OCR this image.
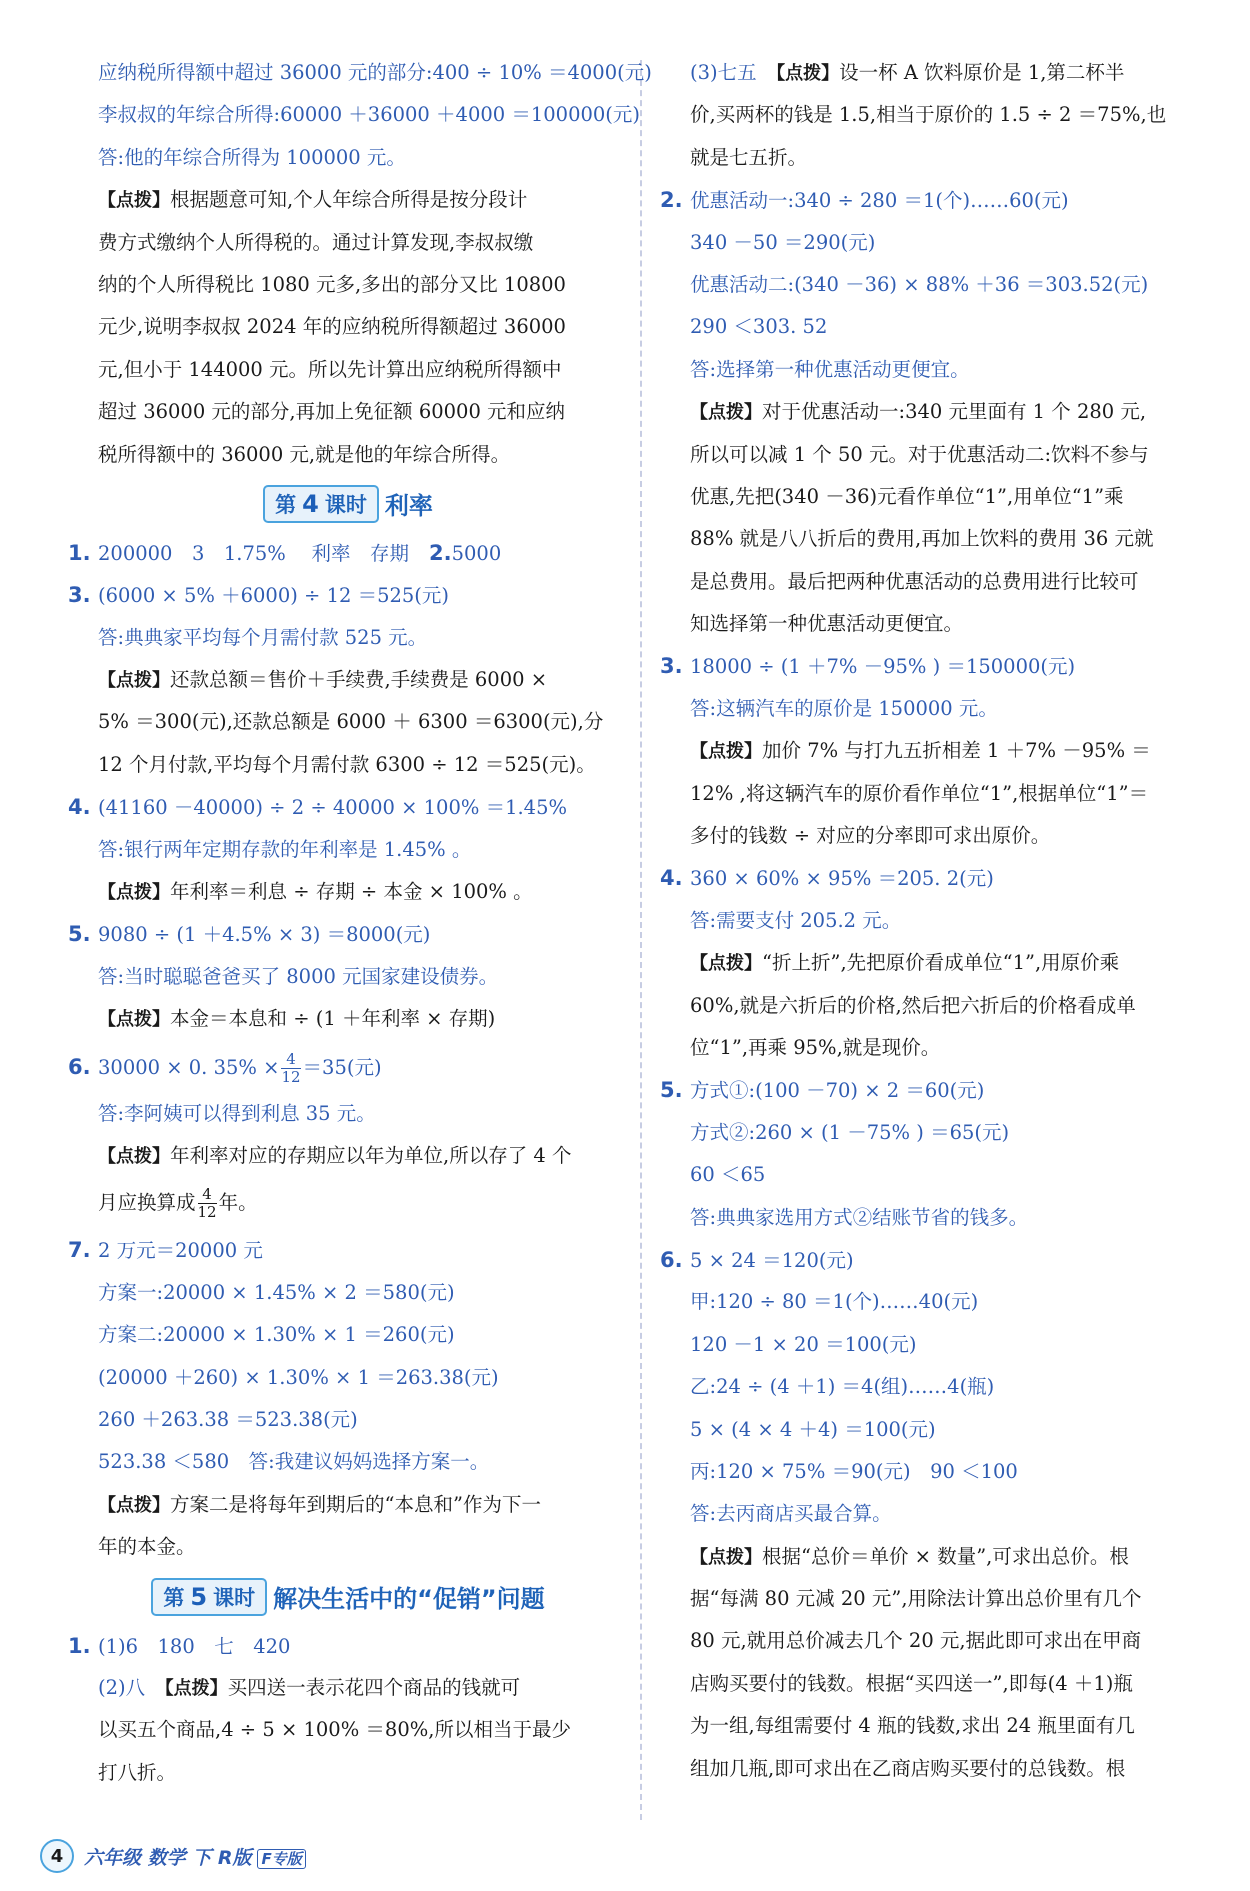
应纳税所得额中超过 36000 元的部分:400 ÷ 10% ＝4000(元)
李叔叔的年综合所得:60000 ＋36000 ＋4000 ＝100000(元)
答:他的年综合所得为 100000 元。
【点拨】根据题意可知,个人年综合所得是按分段计
费方式缴纳个人所得税的。通过计算发现,李叔叔缴
纳的个人所得税比 1080 元多,多出的部分又比 10800
元少,说明李叔叔 2024 年的应纳税所得额超过 36000
元,但小于 144000 元。所以先计算出应纳税所得额中
超过 36000 元的部分,再加上免征额 60000 元和应纳
税所得额中的 36000 元,就是他的年综合所得。
第 4 课时 利率
1. 200000　3　1.75%　 利率　存期 2.5000
3. (6000 × 5% ＋6000) ÷ 12 ＝525(元)
答:典典家平均每个月需付款 525 元。
【点拨】还款总额＝售价＋手续费,手续费是 6000 ×
5% ＝300(元),还款总额是 6000 ＋ 6300 ＝6300(元),分
12 个月付款,平均每个月需付款 6300 ÷ 12 ＝525(元)。
4. (41160 －40000) ÷ 2 ÷ 40000 × 100% ＝1.45%
答:银行两年定期存款的年利率是 1.45% 。
【点拨】年利率＝利息 ÷ 存期 ÷ 本金 × 100% 。
5. 9080 ÷ (1 ＋4.5% × 3) ＝8000(元)
答:当时聪聪爸爸买了 8000 元国家建设债券。
【点拨】本金＝本息和 ÷ (1 ＋年利率 × 存期)
6. 30000 × 0. $35\% \times \frac{4}{12} =35$(元)
答:李阿姨可以得到利息 35 元。
【点拨】年利率对应的存期应以年为单位,所以存了 4 个
月应换算成 $\frac{4}{12}$ 年。
7. 2 万元＝20000 元
方案一:20000 × 1.45% × 2 ＝580(元)
方案二:20000 × 1.30% × 1 ＝260(元)
(20000 ＋260) × 1.30% × 1 ＝263.38(元)
260 ＋263.38 ＝523.38(元)
523.38 ＜580　答:我建议妈妈选择方案一。
【点拨】方案二是将每年到期后的“本息和”作为下一
年的本金。
第 5 课时 解决生活中的“促销”问题
1. (1)6　180　七　420
(2)八　 【点拨】买四送一表示花四个商品的钱就可
以买五个商品,4 ÷ 5 × 100% ＝80%,所以相当于最少
打八折。
(3)七五　 【点拨】设一杯 A 饮料原价是 1,第二杯半
价,买两杯的钱是 1.5,相当于原价的 1.5 ÷ 2 ＝75%,也
就是七五折。
2. 优惠活动一:340 ÷ 280 ＝1(个)……60(元)
340 －50 ＝290(元)
优惠活动二:(340 －36) × 88% ＋36 ＝303.52(元)
290 ＜303. 52
答:选择第一种优惠活动更便宜。
【点拨】对于优惠活动一:340 元里面有 1 个 280 元,
所以可以减 1 个 50 元。对于优惠活动二:饮料不参与
优惠,先把(340 －36)元看作单位“1”,用单位“1”乘
88% 就是八八折后的费用,再加上饮料的费用 36 元就
是总费用。最后把两种优惠活动的总费用进行比较可
知选择第一种优惠活动更便宜。
3. 18000 ÷ (1 ＋7% －95% ) ＝150000(元)
答:这辆汽车的原价是 150000 元。
【点拨】加价 7% 与打九五折相差 1 ＋7% －95% ＝
12% ,将这辆汽车的原价看作单位“1”,根据单位“1”＝
多付的钱数 ÷ 对应的分率即可求出原价。
4. 360 × 60% × 95% ＝205. 2(元)
答:需要支付 205.2 元。
【点拨】“折上折”,先把原价看成单位“1”,用原价乘
60%,就是六折后的价格,然后把六折后的价格看成单
位“1”,再乘 95%,就是现价。
5. 方式①:(100 －70) × 2 ＝60(元)
方式②:260 × (1 －75% ) ＝65(元)
60 ＜65
答:典典家选用方式②结账节省的钱多。
6. 5 × 24 ＝120(元)
甲:120 ÷ 80 ＝1(个)……40(元)
120 －1 × 20 ＝100(元)
乙:24 ÷ (4 ＋1) ＝4(组)……4(瓶)
5 × (4 × 4 ＋4) ＝100(元)
丙:120 × 75% ＝90(元)　90 ＜100
答:去丙商店买最合算。
【点拨】根据“总价＝单价 × 数量”,可求出总价。根
据“每满 80 元减 20 元”,用除法计算出总价里有几个
80 元,就用总价减去几个 20 元,据此即可求出在甲商
店购买要付的钱数。根据“买四送一”,即每(4 ＋1)瓶
为一组,每组需要付 4 瓶的钱数,求出 24 瓶里面有几
组加几瓶,即可求出在乙商店购买要付的总钱数。根
4	六年级 数学 下 R版 F专版
